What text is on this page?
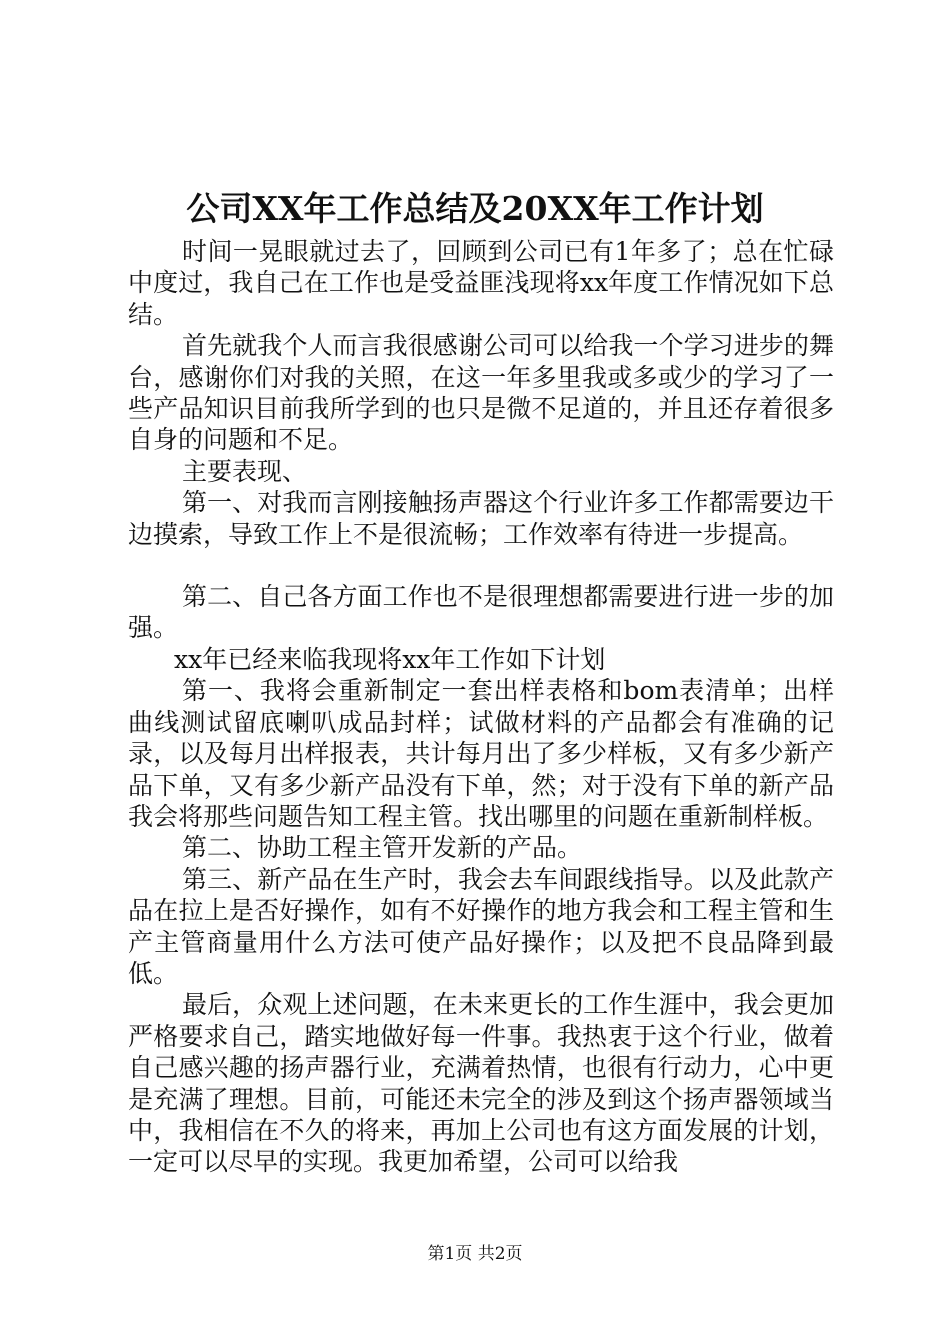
公司XX年工作总结及20XX年工作计划

时间一晃眼就过去了，回顾到公司已有1年多了；总在忙碌中度过，我自己在工作也是受益匪浅现将xx年度工作情况如下总结。

首先就我个人而言我很感谢公司可以给我一个学习进步的舞台，感谢你们对我的关照，在这一年多里我或多或少的学习了一些产品知识目前我所学到的也只是微不足道的，并且还存着很多自身的问题和不足。

主要表现、

第一、对我而言刚接触扬声器这个行业许多工作都需要边干边摸索，导致工作上不是很流畅；工作效率有待进一步提高。

第二、自己各方面工作也不是很理想都需要进行进一步的加强。

xx年已经来临我现将xx年工作如下计划

第一、我将会重新制定一套出样表格和bom表清单；出样曲线测试留底喇叭成品封样；试做材料的产品都会有准确的记录，以及每月出样报表，共计每月出了多少样板，又有多少新产品下单，又有多少新产品没有下单，然；对于没有下单的新产品我会将那些问题告知工程主管。找出哪里的问题在重新制样板。

第二、协助工程主管开发新的产品。

第三、新产品在生产时，我会去车间跟线指导。以及此款产品在拉上是否好操作，如有不好操作的地方我会和工程主管和生产主管商量用什么方法可使产品好操作；以及把不良品降到最低。

最后，众观上述问题，在未来更长的工作生涯中，我会更加严格要求自己，踏实地做好每一件事。我热衷于这个行业，做着自己感兴趣的扬声器行业，充满着热情，也很有行动力，心中更是充满了理想。目前，可能还未完全的涉及到这个扬声器领域当中，我相信在不久的将来，再加上公司也有这方面发展的计划，一定可以尽早的实现。我更加希望，公司可以给我

第1页 共2页
